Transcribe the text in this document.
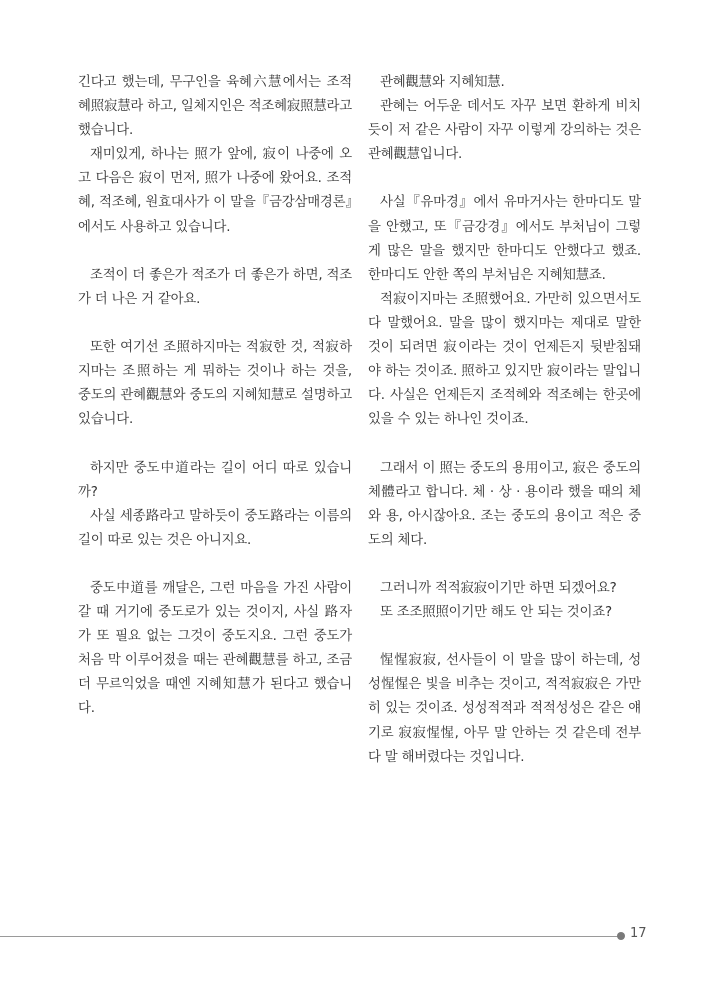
긴다고 했는데, 무구인을 육혜六慧에서는 조적혜照寂慧라 하고, 일체지인은 적조혜寂照慧라고 했습니다.

재미있게, 하나는 照가 앞에, 寂이 나중에 오고 다음은 寂이 먼저, 照가 나중에 왔어요. 조적혜, 적조혜, 원효대사가 이 말을『금강삼매경론』에서도 사용하고 있습니다.

조적이 더 좋은가 적조가 더 좋은가 하면, 적조가 더 나은 거 같아요.

또한 여기선 조照하지마는 적寂한 것, 적寂하지마는 조照하는 게 뭐하는 것이나 하는 것을, 중도의 관혜觀慧와 중도의 지혜知慧로 설명하고 있습니다.

하지만 중도中道라는 길이 어디 따로 있습니까?

사실 세종路라고 말하듯이 중도路라는 이름의 길이 따로 있는 것은 아니지요.

중도中道를 깨달은, 그런 마음을 가진 사람이 갈 때 거기에 중도로가 있는 것이지, 사실 路자가 또 필요 없는 그것이 중도지요. 그런 중도가 처음 막 이루어졌을 때는 관혜觀慧를 하고, 조금 더 무르익었을 때엔 지혜知慧가 된다고 했습니다.

관혜觀慧와 지혜知慧.

관혜는 어두운 데서도 자꾸 보면 환하게 비치듯이 저 같은 사람이 자꾸 이렇게 강의하는 것은 관혜觀慧입니다.

사실『유마경』에서 유마거사는 한마디도 말을 안했고, 또『금강경』에서도 부처님이 그렇게 많은 말을 했지만 한마디도 안했다고 했죠. 한마디도 안한 쪽의 부처님은 지혜知慧죠.

적寂이지마는 조照했어요. 가만히 있으면서도 다 말했어요. 말을 많이 했지마는 제대로 말한 것이 되려면 寂이라는 것이 언제든지 뒷받침돼야 하는 것이죠. 照하고 있지만 寂이라는 말입니다. 사실은 언제든지 조적혜와 적조혜는 한곳에 있을 수 있는 하나인 것이죠.

그래서 이 照는 중도의 용用이고, 寂은 중도의 체體라고 합니다. 체 · 상 · 용이라 했을 때의 체와 용, 아시잖아요. 조는 중도의 용이고 적은 중도의 체다.

그러니까 적적寂寂이기만 하면 되겠어요?

또 조조照照이기만 해도 안 되는 것이죠?

惺惺寂寂, 선사들이 이 말을 많이 하는데, 성성惺惺은 빛을 비추는 것이고, 적적寂寂은 가만히 있는 것이죠. 성성적적과 적적성성은 같은 얘기로 寂寂惺惺, 아무 말 안하는 것 같은데 전부 다 말 해버렸다는 것입니다.

17
